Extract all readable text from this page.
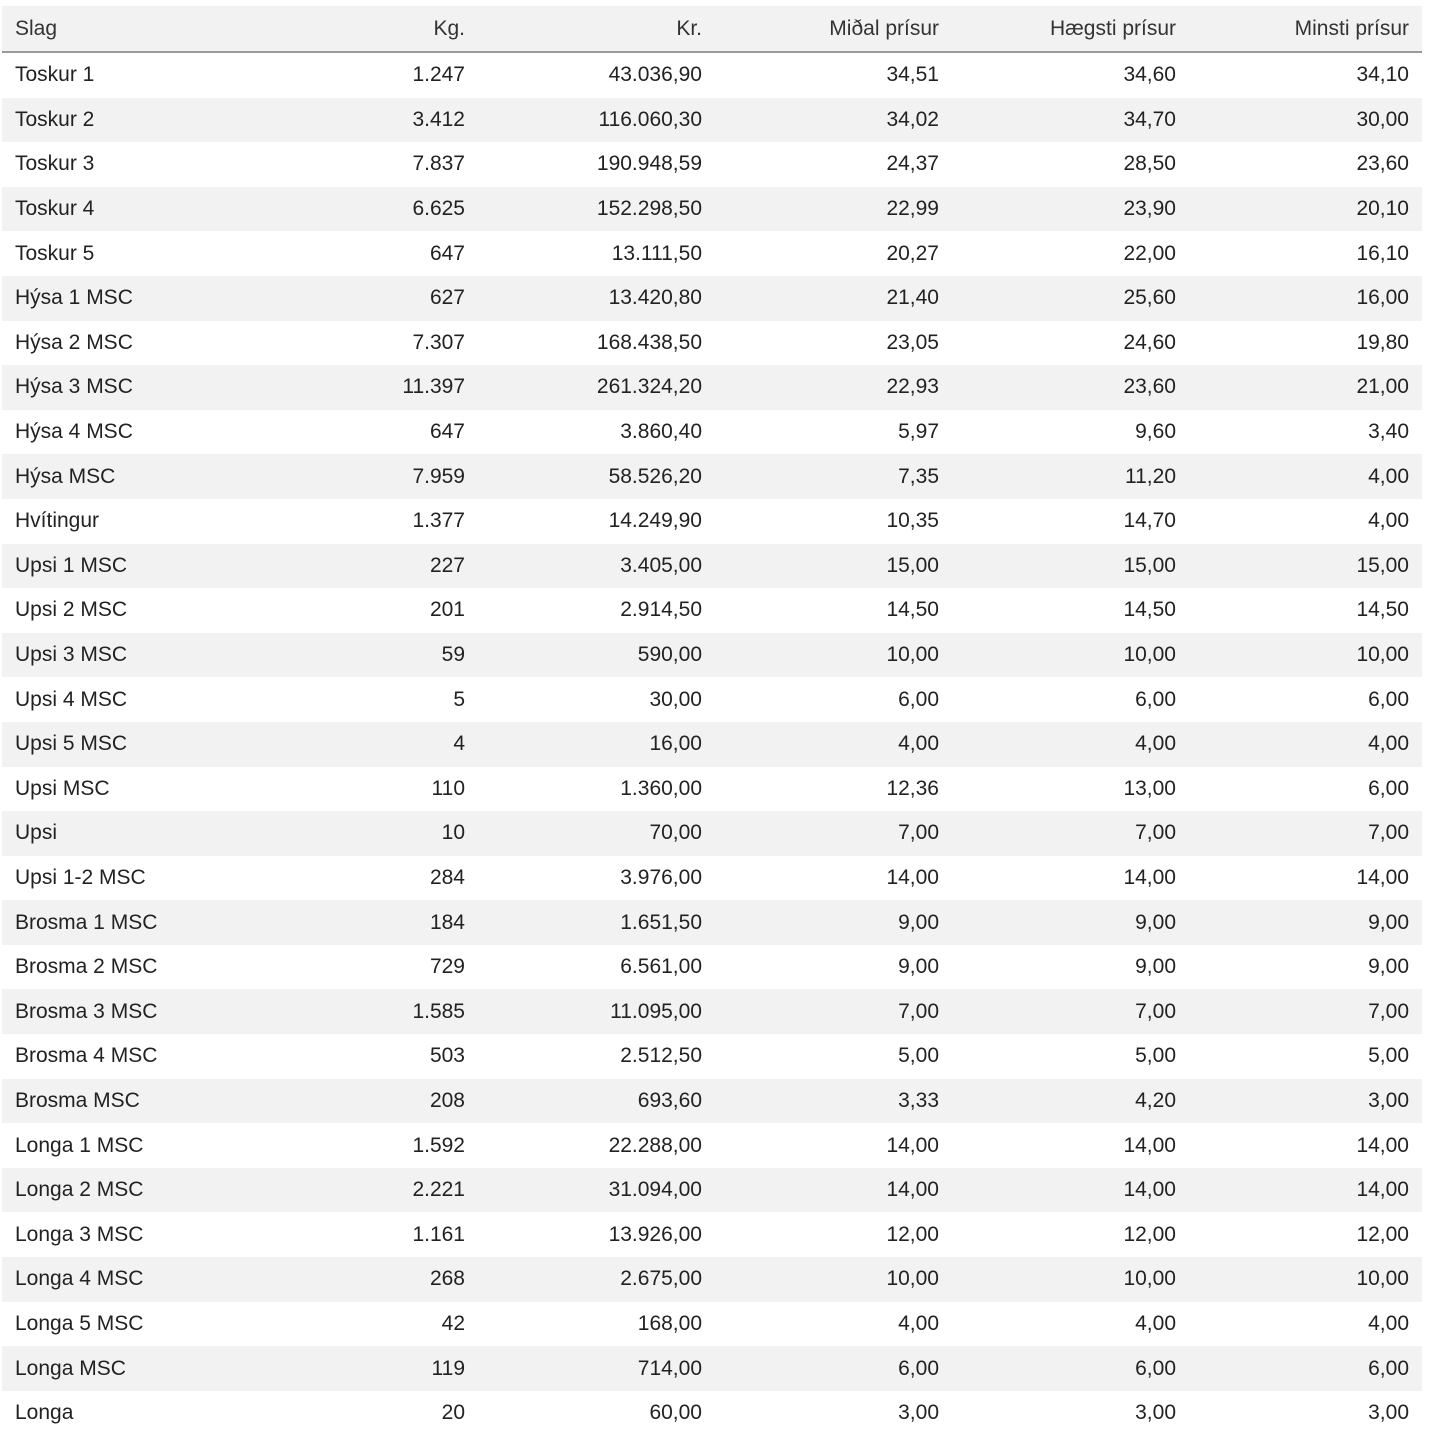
Slag	Kg.	Kr.	Miðal prísur	Hægsti prísur	Minsti prísur
Toskur 1	1.247	43.036,90	34,51	34,60	34,10
Toskur 2	3.412	116.060,30	34,02	34,70	30,00
Toskur 3	7.837	190.948,59	24,37	28,50	23,60
Toskur 4	6.625	152.298,50	22,99	23,90	20,10
Toskur 5	647	13.111,50	20,27	22,00	16,10
Hýsa 1 MSC	627	13.420,80	21,40	25,60	16,00
Hýsa 2 MSC	7.307	168.438,50	23,05	24,60	19,80
Hýsa 3 MSC	11.397	261.324,20	22,93	23,60	21,00
Hýsa 4 MSC	647	3.860,40	5,97	9,60	3,40
Hýsa MSC	7.959	58.526,20	7,35	11,20	4,00
Hvítingur	1.377	14.249,90	10,35	14,70	4,00
Upsi 1 MSC	227	3.405,00	15,00	15,00	15,00
Upsi 2 MSC	201	2.914,50	14,50	14,50	14,50
Upsi 3 MSC	59	590,00	10,00	10,00	10,00
Upsi 4 MSC	5	30,00	6,00	6,00	6,00
Upsi 5 MSC	4	16,00	4,00	4,00	4,00
Upsi MSC	110	1.360,00	12,36	13,00	6,00
Upsi	10	70,00	7,00	7,00	7,00
Upsi 1-2 MSC	284	3.976,00	14,00	14,00	14,00
Brosma 1 MSC	184	1.651,50	9,00	9,00	9,00
Brosma 2 MSC	729	6.561,00	9,00	9,00	9,00
Brosma 3 MSC	1.585	11.095,00	7,00	7,00	7,00
Brosma 4 MSC	503	2.512,50	5,00	5,00	5,00
Brosma MSC	208	693,60	3,33	4,20	3,00
Longa 1 MSC	1.592	22.288,00	14,00	14,00	14,00
Longa 2 MSC	2.221	31.094,00	14,00	14,00	14,00
Longa 3 MSC	1.161	13.926,00	12,00	12,00	12,00
Longa 4 MSC	268	2.675,00	10,00	10,00	10,00
Longa 5 MSC	42	168,00	4,00	4,00	4,00
Longa MSC	119	714,00	6,00	6,00	6,00
Longa	20	60,00	3,00	3,00	3,00
